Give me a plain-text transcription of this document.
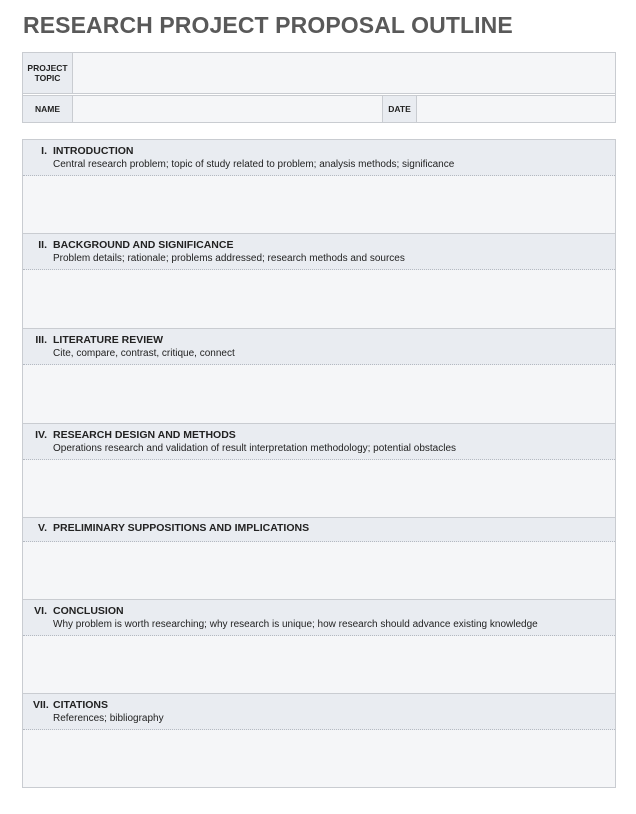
RESEARCH PROJECT PROPOSAL OUTLINE
PROJECT TOPIC
NAME	DATE
I. INTRODUCTION
Central research problem; topic of study related to problem; analysis methods; significance
II. BACKGROUND AND SIGNIFICANCE
Problem details; rationale; problems addressed; research methods and sources
III. LITERATURE REVIEW
Cite, compare, contrast, critique, connect
IV. RESEARCH DESIGN AND METHODS
Operations research and validation of result interpretation methodology; potential obstacles
V. PRELIMINARY SUPPOSITIONS AND IMPLICATIONS
VI. CONCLUSION
Why problem is worth researching; why research is unique; how research should advance existing knowledge
VII. CITATIONS
References; bibliography
